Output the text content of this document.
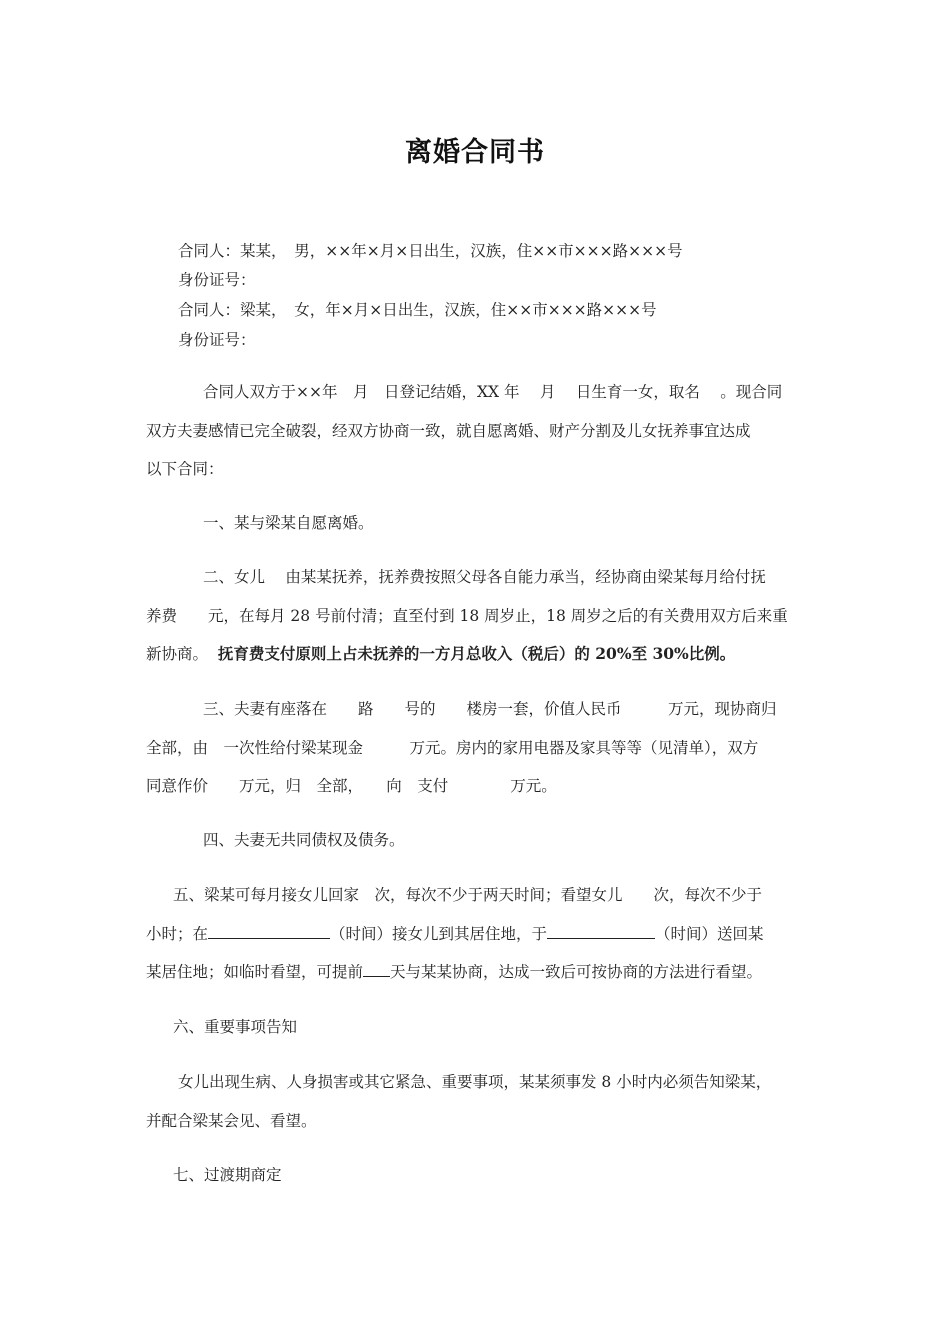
离婚合同书
合同人：某某，　男，××年×月×日出生，汉族，住××市×××路×××号
身份证号：
合同人：梁某，　女，年×月×日出生，汉族，住××市×××路×××号
身份证号：
合同人双方于××年　月　日登记结婚，XX 年　 月　 日生育一女，取名　 。现合同
双方夫妻感情已完全破裂，经双方协商一致，就自愿离婚、财产分割及儿女抚养事宜达成
以下合同：
一、某与梁某自愿离婚。
二、女儿　 由某某抚养，抚养费按照父母各自能力承当，经协商由梁某每月给付抚
养费　　元，在每月 28 号前付清；直至付到 18 周岁止，18 周岁之后的有关费用双方后来重
新协商。 抚育费支付原则上占未抚养的一方月总收入（税后）的 20%至 30%比例。
三、夫妻有座落在　　路　　号的　　楼房一套，价值人民币　　　万元，现协商归
全部，由　一次性给付梁某现金　　　万元。房内的家用电器及家具等等（见清单），双方
同意作价　　万元，归　全部，　　向　支付　　　　万元。
四、夫妻无共同债权及债务。
五、梁某可每月接女儿回家　次，每次不少于两天时间；看望女儿　　次，每次不少于
小时；在	（时间）接女儿到其居住地，于	（时间）送回某
某居住地；如临时看望，可提前 天与某某协商，达成一致后可按协商的方法进行看望。
六、重要事项告知
女儿出现生病、人身损害或其它紧急、重要事项，某某须事发 8 小时内必须告知梁某，
并配合梁某会见、看望。
七、过渡期商定
